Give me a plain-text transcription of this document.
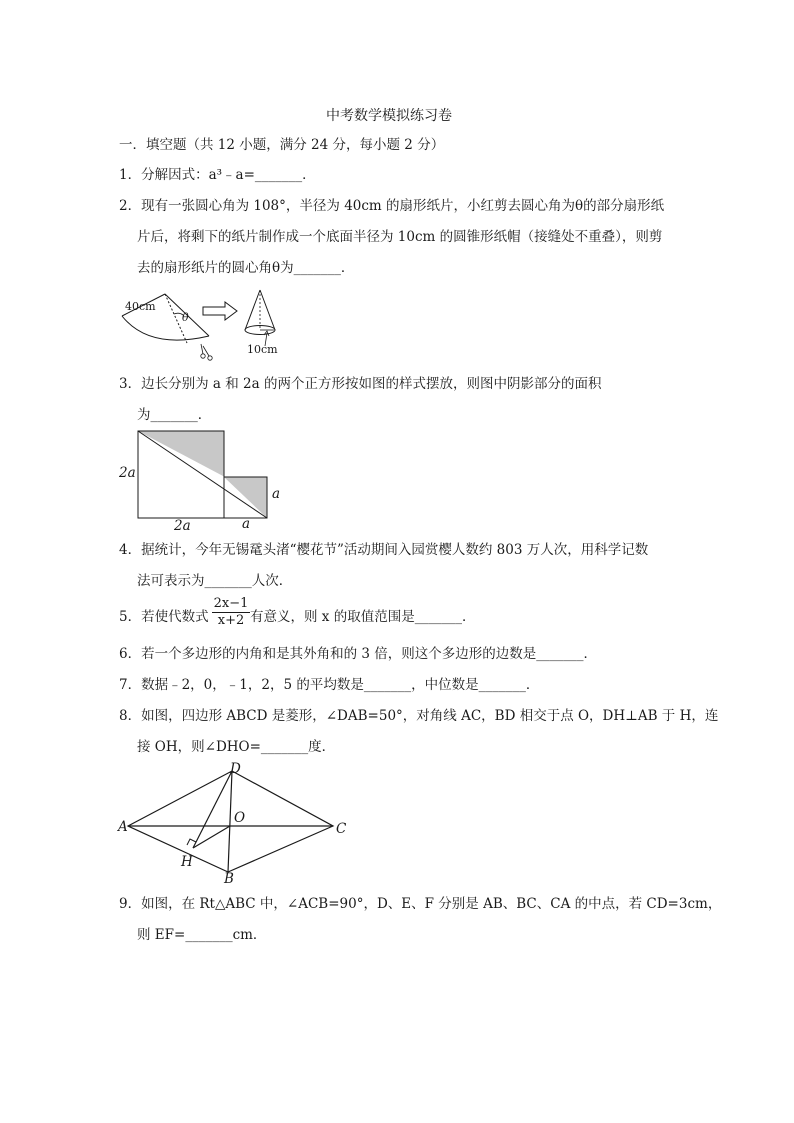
中考数学模拟练习卷
一．填空题（共 12 小题，满分 24 分，每小题 2 分）
1．分解因式：a³﹣a=_______．
2．现有一张圆心角为 108°，半径为 40cm 的扇形纸片，小红剪去圆心角为θ的部分扇形纸
片后，将剩下的纸片制作成一个底面半径为 10cm 的圆锥形纸帽（接缝处不重叠），则剪
去的扇形纸片的圆心角θ为_______．
40cm
θ
10cm
3．边长分别为 a 和 2a 的两个正方形按如图的样式摆放，则图中阴影部分的面积
为_______．
2a
2a	a
a
4．据统计，今年无锡鼋头渚“樱花节”活动期间入园赏樱人数约 803 万人次，用科学记数
法可表示为_______人次．
5．若使代数式
2x−1
x+2 有意义，则 x 的取值范围是_______．
6．若一个多边形的内角和是其外角和的 3 倍，则这个多边形的边数是_______．
7．数据﹣2，0，﹣1，2，5 的平均数是_______，中位数是_______．
8．如图，四边形 ABCD 是菱形，∠DAB=50°，对角线 AC，BD 相交于点 O，DH⊥AB 于 H，连
接 OH，则∠DHO=_______度．
A
B
C
D
O
H
9．如图，在 Rt△ABC 中，∠ACB=90°，D、E、F 分别是 AB、BC、CA 的中点，若 CD=3cm，
则 EF=_______cm．
